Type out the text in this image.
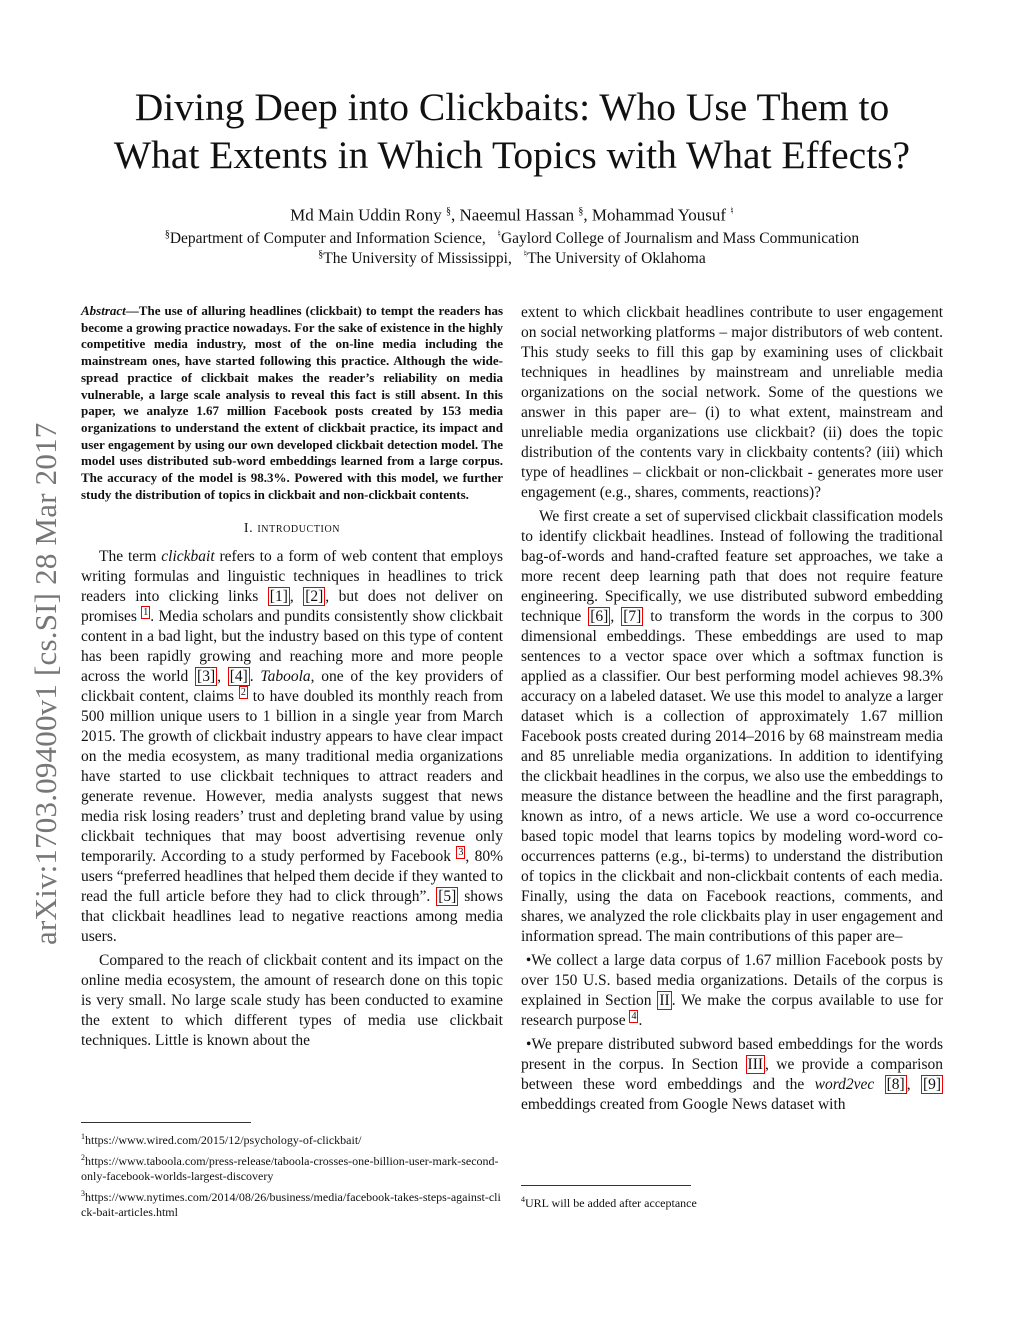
arXiv:1703.09400v1 [cs.SI] 28 Mar 2017
Diving Deep into Clickbaits: Who Use Them to
What Extents in Which Topics with What Effects?
Md Main Uddin Rony §, Naeemul Hassan §, Mohammad Yousuf ♮
§Department of Computer and Information Science, ♮Gaylord College of Journalism and Mass Communication
§The University of Mississippi, ♮The University of Oklahoma

Abstract—The use of alluring headlines (clickbait) to tempt the readers has become a growing practice nowadays. For the sake of existence in the highly competitive media industry, most of the on-line media including the mainstream ones, have started following this practice. Although the wide-spread practice of clickbait makes the reader’s reliability on media vulnerable, a large scale analysis to reveal this fact is still absent. In this paper, we analyze 1.67 million Facebook posts created by 153 media organizations to understand the extent of clickbait practice, its impact and user engagement by using our own developed clickbait detection model. The model uses distributed sub-word embeddings learned from a large corpus. The accuracy of the model is 98.3%. Powered with this model, we further study the distribution of topics in clickbait and non-clickbait contents.

I. introduction

The term clickbait refers to a form of web content that employs writing formulas and linguistic techniques in headlines to trick readers into clicking links [1] , [2] , but does not deliver on promises $^1$ . Media scholars and pundits consistently show clickbait content in a bad light, but the industry based on this type of content has been rapidly growing and reaching more and more people across the world [3] , [4] . Taboola, one of the key providers of clickbait content, claims $^2$ to have doubled its monthly reach from 500 million unique users to 1 billion in a single year from March 2015. The growth of clickbait industry appears to have clear impact on the media ecosystem, as many traditional media organizations have started to use clickbait techniques to attract readers and generate revenue. However, media analysts suggest that news media risk losing readers’ trust and depleting brand value by using clickbait techniques that may boost advertising revenue only temporarily. According to a study performed by Facebook $^3$ , 80% users “preferred headlines that helped them decide if they wanted to read the full article before they had to click through”. [5] shows that clickbait headlines lead to negative reactions among media users.

Compared to the reach of clickbait content and its impact on the online media ecosystem, the amount of research done on this topic is very small. No large scale study has been conducted to examine the extent to which different types of media use clickbait techniques. Little is known about the

$^1$https://www.wired.com/2015/12/psychology-of-clickbait/

$^2$https://www.taboola.com/press-release/taboola-crosses-one-billion-user-mark-second-only-facebook-worlds-largest-discovery

$^3$https://www.nytimes.com/2014/08/26/business/media/facebook-takes-steps-against-click-bait-articles.html

extent to which clickbait headlines contribute to user engagement on social networking platforms – major distributors of web content. This study seeks to fill this gap by examining uses of clickbait techniques in headlines by mainstream and unreliable media organizations on the social network. Some of the questions we answer in this paper are– (i) to what extent, mainstream and unreliable media organizations use clickbait? (ii) does the topic distribution of the contents vary in clickbaity contents? (iii) which type of headlines – clickbait or non-clickbait - generates more user engagement (e.g., shares, comments, reactions)?

We first create a set of supervised clickbait classification models to identify clickbait headlines. Instead of following the traditional bag-of-words and hand-crafted feature set approaches, we take a more recent deep learning path that does not require feature engineering. Specifically, we use distributed subword embedding technique [6] , [7] to transform the words in the corpus to 300 dimensional embeddings. These embeddings are used to map sentences to a vector space over which a softmax function is applied as a classifier. Our best performing model achieves 98.3% accuracy on a labeled dataset. We use this model to analyze a larger dataset which is a collection of approximately 1.67 million Facebook posts created during 2014–2016 by 68 mainstream media and 85 unreliable media organizations. In addition to identifying the clickbait headlines in the corpus, we also use the embeddings to measure the distance between the headline and the first paragraph, known as intro, of a news article. We use a word co-occurrence based topic model that learns topics by modeling word-word co-occurrences patterns (e.g., bi-terms) to understand the distribution of topics in the clickbait and non-clickbait contents of each media. Finally, using the data on Facebook reactions, comments, and shares, we analyzed the role clickbaits play in user engagement and information spread. The main contributions of this paper are–

•We collect a large data corpus of 1.67 million Facebook posts by over 150 U.S. based media organizations. Details of the corpus is explained in Section II . We make the corpus available to use for research purpose $^4$ .

•We prepare distributed subword based embeddings for the words present in the corpus. In Section III , we provide a comparison between these word embeddings and the word2vec [8] , [9] embeddings created from Google News dataset with

$^4$URL will be added after acceptance
